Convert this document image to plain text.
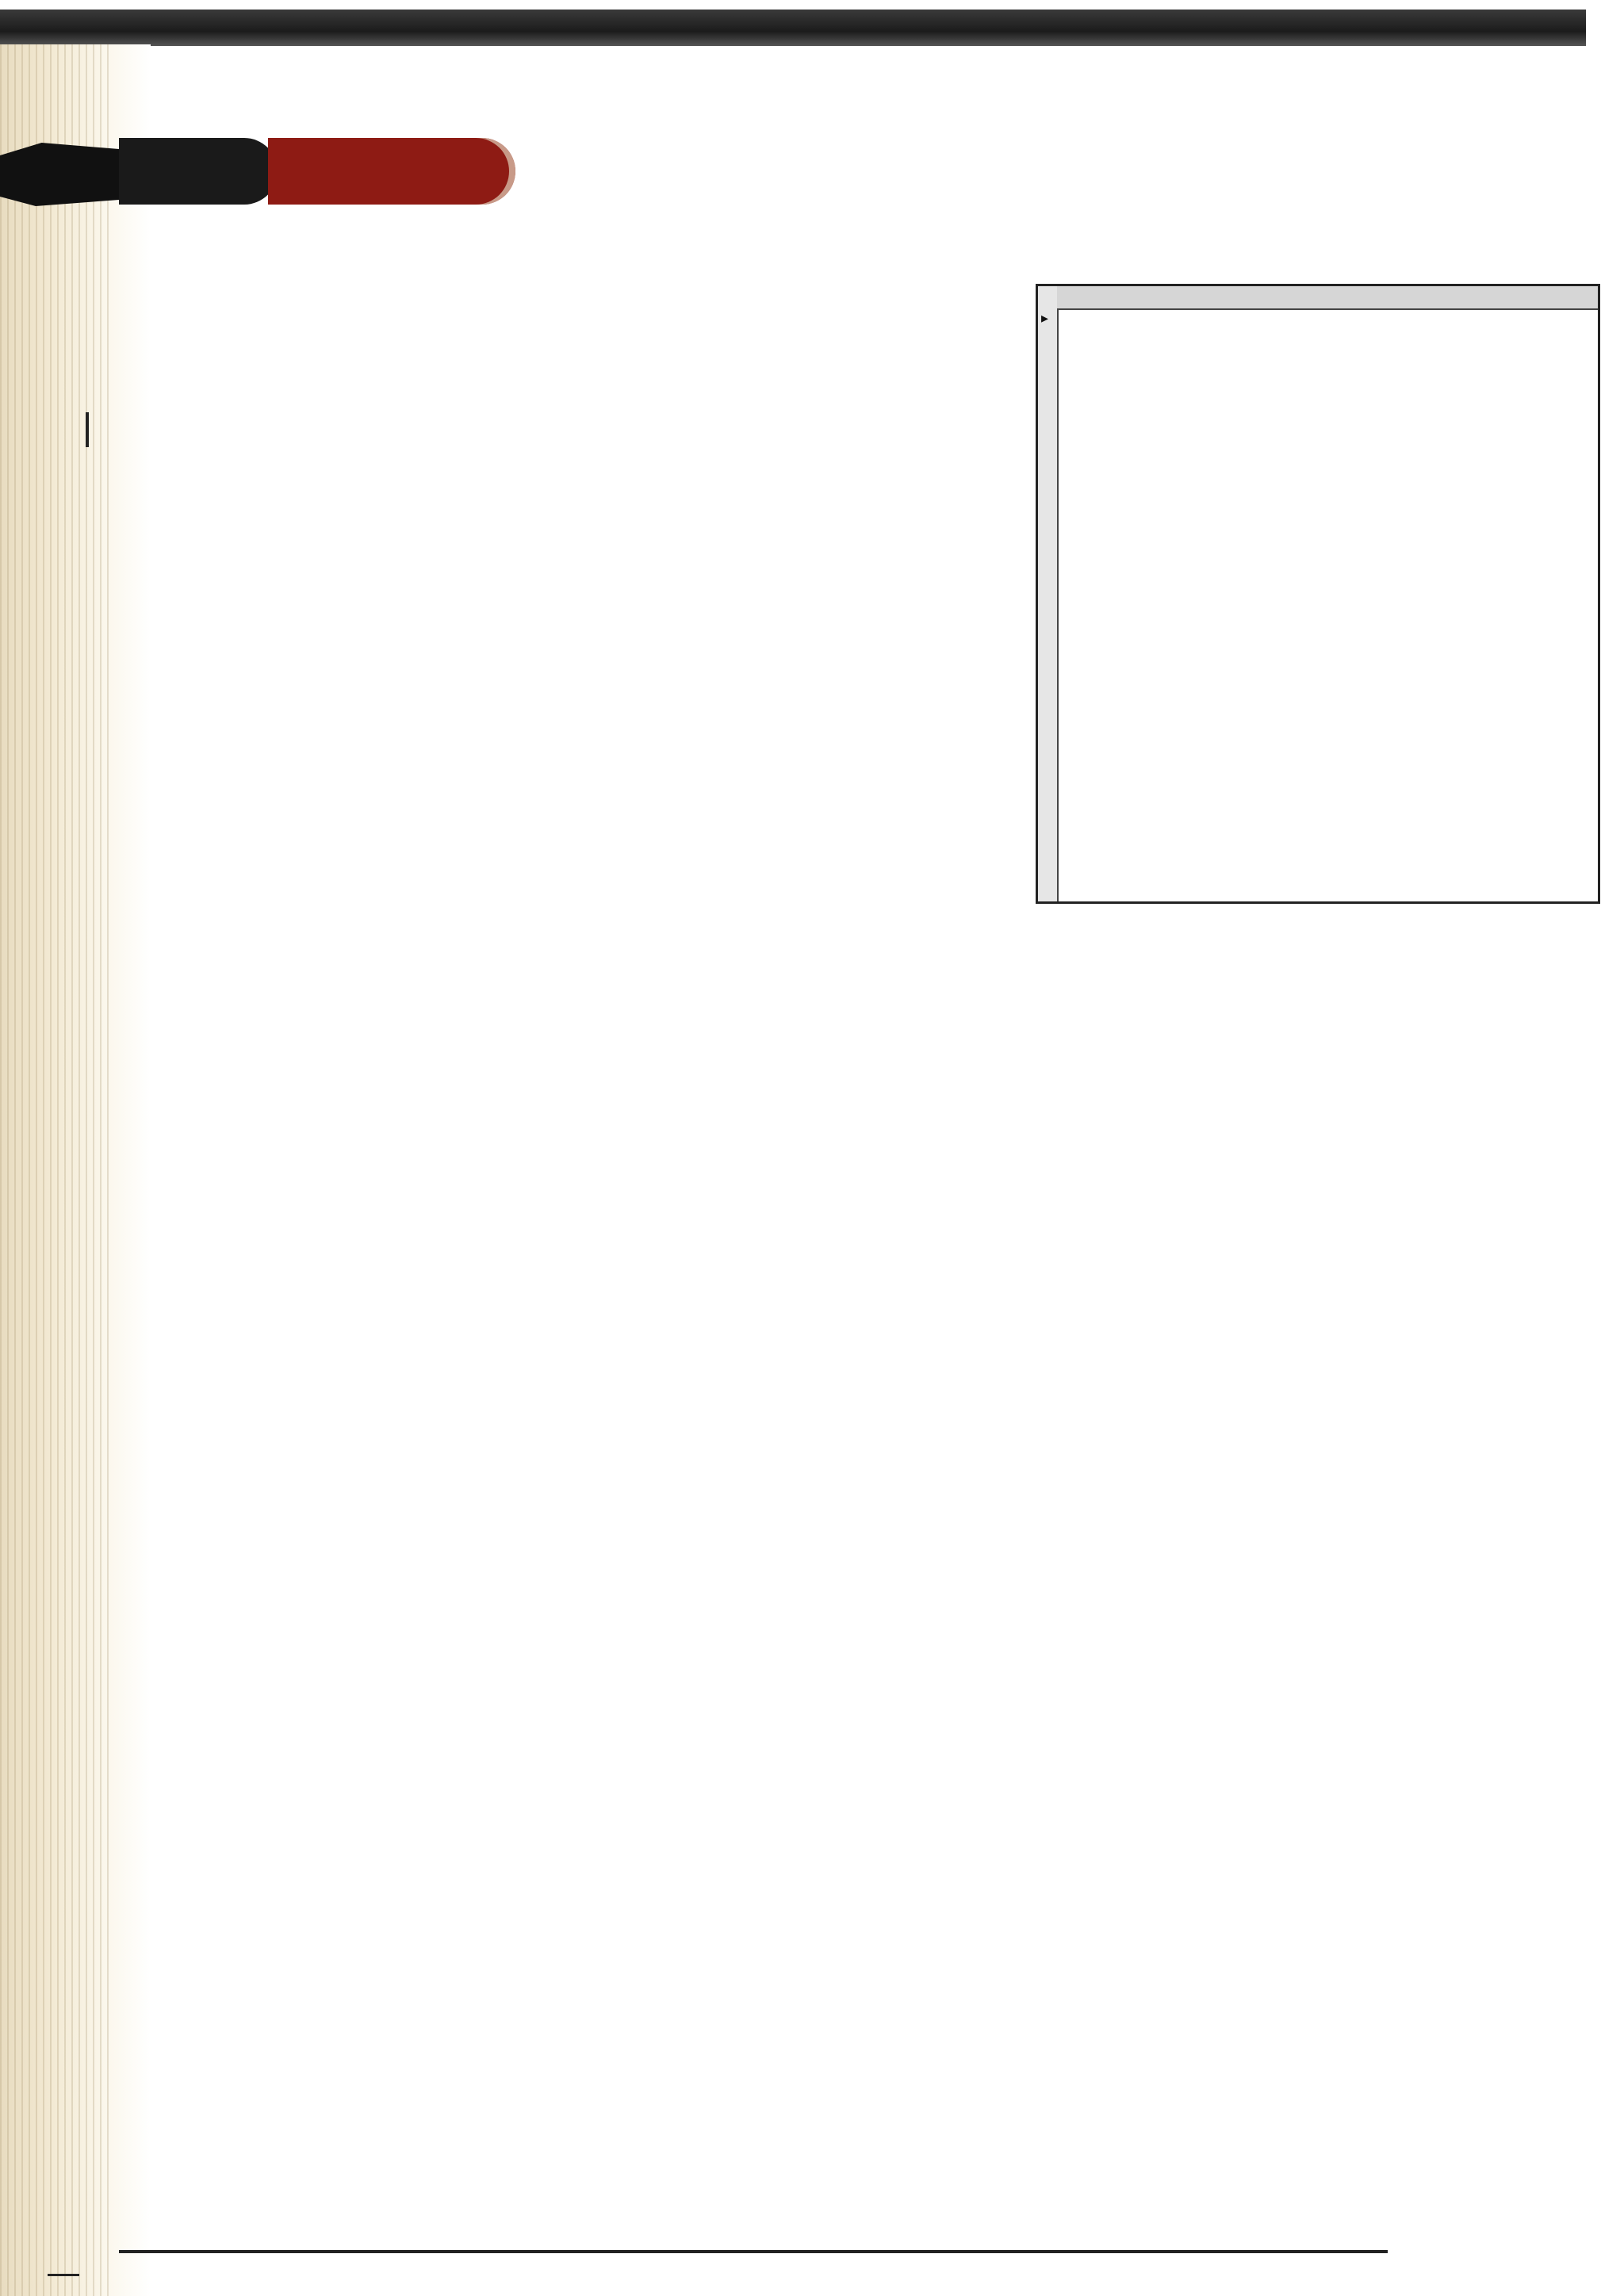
▸
